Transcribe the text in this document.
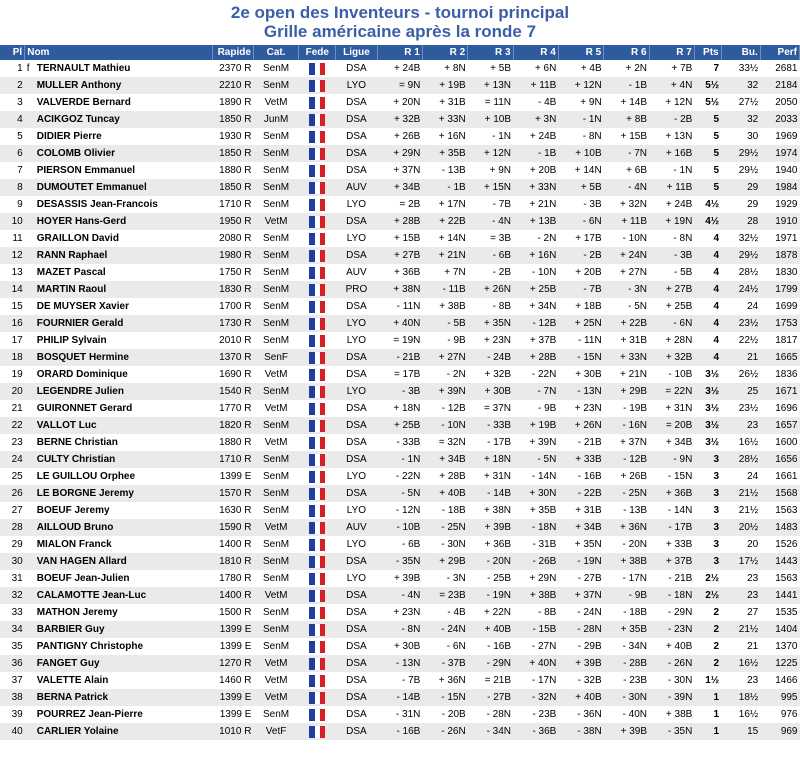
2e open des Inventeurs - tournoi principal
Grille américaine après la ronde 7
Pl	Nom	Rapide	Cat.	Fede	Ligue	R 1	R 2	R 3	R 4	R 5	R 6	R 7	Pts	Bu.	Perf
1	f TERNAULT Mathieu	2370 R	SenM		DSA	+ 24B	+ 8N	+ 5B	+ 6N	+ 4B	+ 2N	+ 7B	7	33½	2681
2	MULLER Anthony	2210 R	SenM		LYO	= 9N	+ 19B	+ 13N	+ 11B	+ 12N	- 1B	+ 4N	5½	32	2184
3	VALVERDE Bernard	1890 R	VetM		DSA	+ 20N	+ 31B	= 11N	- 4B	+ 9N	+ 14B	+ 12N	5½	27½	2050
4	ACIKGOZ Tuncay	1850 R	JunM		DSA	+ 32B	+ 33N	+ 10B	+ 3N	- 1N	+ 8B	- 2B	5	32	2033
5	DIDIER Pierre	1930 R	SenM		DSA	+ 26B	+ 16N	- 1N	+ 24B	- 8N	+ 15B	+ 13N	5	30	1969
6	COLOMB Olivier	1850 R	SenM		DSA	+ 29N	+ 35B	+ 12N	- 1B	+ 10B	- 7N	+ 16B	5	29½	1974
7	PIERSON Emmanuel	1880 R	SenM		DSA	+ 37N	- 13B	+ 9N	+ 20B	+ 14N	+ 6B	- 1N	5	29½	1940
8	DUMOUTET Emmanuel	1850 R	SenM		AUV	+ 34B	- 1B	+ 15N	+ 33N	+ 5B	- 4N	+ 11B	5	29	1984
9	DESASSIS Jean-Francois	1710 R	SenM		LYO	= 2B	+ 17N	- 7B	+ 21N	- 3B	+ 32N	+ 24B	4½	29	1929
10	HOYER Hans-Gerd	1950 R	VetM		DSA	+ 28B	+ 22B	- 4N	+ 13B	- 6N	+ 11B	+ 19N	4½	28	1910
11	GRAILLON David	2080 R	SenM		LYO	+ 15B	+ 14N	= 3B	- 2N	+ 17B	- 10N	- 8N	4	32½	1971
12	RANN Raphael	1980 R	SenM		DSA	+ 27B	+ 21N	- 6B	+ 16N	- 2B	+ 24N	- 3B	4	29½	1878
13	MAZET Pascal	1750 R	SenM		AUV	+ 36B	+ 7N	- 2B	- 10N	+ 20B	+ 27N	- 5B	4	28½	1830
14	MARTIN Raoul	1830 R	SenM		PRO	+ 38N	- 11B	+ 26N	+ 25B	- 7B	- 3N	+ 27B	4	24½	1799
15	DE MUYSER Xavier	1700 R	SenM		DSA	- 11N	+ 38B	- 8B	+ 34N	+ 18B	- 5N	+ 25B	4	24	1699
16	FOURNIER Gerald	1730 R	SenM		LYO	+ 40N	- 5B	+ 35N	- 12B	+ 25N	+ 22B	- 6N	4	23½	1753
17	PHILIP Sylvain	2010 R	SenM		LYO	= 19N	- 9B	+ 23N	+ 37B	- 11N	+ 31B	+ 28N	4	22½	1817
18	BOSQUET Hermine	1370 R	SenF		DSA	- 21B	+ 27N	- 24B	+ 28B	- 15N	+ 33N	+ 32B	4	21	1665
19	ORARD Dominique	1690 R	VetM		DSA	= 17B	- 2N	+ 32B	- 22N	+ 30B	+ 21N	- 10B	3½	26½	1836
20	LEGENDRE Julien	1540 R	SenM		LYO	- 3B	+ 39N	+ 30B	- 7N	- 13N	+ 29B	= 22N	3½	25	1671
21	GUIRONNET Gerard	1770 R	VetM		DSA	+ 18N	- 12B	= 37N	- 9B	+ 23N	- 19B	+ 31N	3½	23½	1696
22	VALLOT Luc	1820 R	SenM		DSA	+ 25B	- 10N	- 33B	+ 19B	+ 26N	- 16N	= 20B	3½	23	1657
23	BERNE Christian	1880 R	VetM		DSA	- 33B	= 32N	- 17B	+ 39N	- 21B	+ 37N	+ 34B	3½	16½	1600
24	CULTY Christian	1710 R	SenM		DSA	- 1N	+ 34B	+ 18N	- 5N	+ 33B	- 12B	- 9N	3	28½	1656
25	LE GUILLOU Orphee	1399 E	SenM		LYO	- 22N	+ 28B	+ 31N	- 14N	- 16B	+ 26B	- 15N	3	24	1661
26	LE BORGNE Jeremy	1570 R	SenM		DSA	- 5N	+ 40B	- 14B	+ 30N	- 22B	- 25N	+ 36B	3	21½	1568
27	BOEUF Jeremy	1630 R	SenM		LYO	- 12N	- 18B	+ 38N	+ 35B	+ 31B	- 13B	- 14N	3	21½	1563
28	AILLOUD Bruno	1590 R	VetM		AUV	- 10B	- 25N	+ 39B	- 18N	+ 34B	+ 36N	- 17B	3	20½	1483
29	MIALON Franck	1400 R	SenM		LYO	- 6B	- 30N	+ 36B	- 31B	+ 35N	- 20N	+ 33B	3	20	1526
30	VAN HAGEN Allard	1810 R	SenM		DSA	- 35N	+ 29B	- 20N	- 26B	- 19N	+ 38B	+ 37B	3	17½	1443
31	BOEUF Jean-Julien	1780 R	SenM		LYO	+ 39B	- 3N	- 25B	+ 29N	- 27B	- 17N	- 21B	2½	23	1563
32	CALAMOTTE Jean-Luc	1400 R	VetM		DSA	- 4N	= 23B	- 19N	+ 38B	+ 37N	- 9B	- 18N	2½	23	1441
33	MATHON Jeremy	1500 R	SenM		DSA	+ 23N	- 4B	+ 22N	- 8B	- 24N	- 18B	- 29N	2	27	1535
34	BARBIER Guy	1399 E	SenM		DSA	- 8N	- 24N	+ 40B	- 15B	- 28N	+ 35B	- 23N	2	21½	1404
35	PANTIGNY Christophe	1399 E	SenM		DSA	+ 30B	- 6N	- 16B	- 27N	- 29B	- 34N	+ 40B	2	21	1370
36	FANGET Guy	1270 R	VetM		DSA	- 13N	- 37B	- 29N	+ 40N	+ 39B	- 28B	- 26N	2	16½	1225
37	VALETTE Alain	1460 R	VetM		DSA	- 7B	+ 36N	= 21B	- 17N	- 32B	- 23B	- 30N	1½	23	1466
38	BERNA Patrick	1399 E	VetM		DSA	- 14B	- 15N	- 27B	- 32N	+ 40B	- 30N	- 39N	1	18½	995
39	POURREZ Jean-Pierre	1399 E	SenM		DSA	- 31N	- 20B	- 28N	- 23B	- 36N	- 40N	+ 38B	1	16½	976
40	CARLIER Yolaine	1010 R	VetF		DSA	- 16B	- 26N	- 34N	- 36B	- 38N	+ 39B	- 35N	1	15	969
